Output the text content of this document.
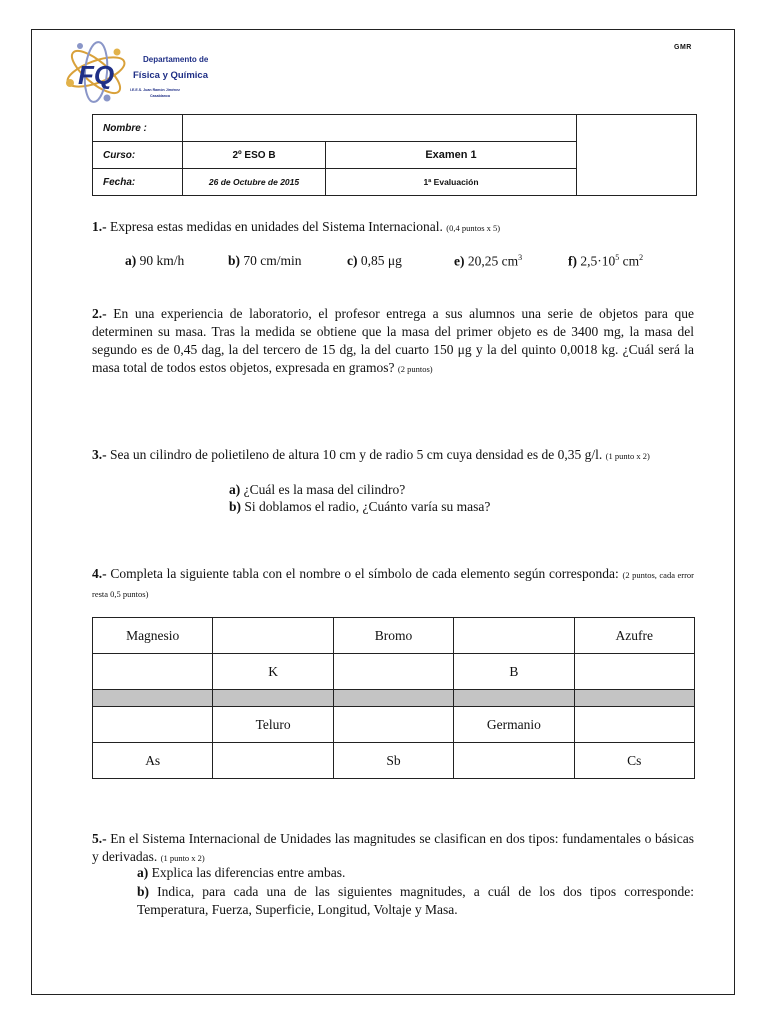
GMR
FQ
Departamento de
Física y Química
I.E.E.S. Juan Ramón Jiménez
Casablanca
Nombre :			
Curso:	2º ESO B	Examen 1	
Fecha:	26 de Octubre de 2015	1ª Evaluación	
1.- Expresa estas medidas en unidades del Sistema Internacional. (0,4 puntos x 5)
a) 90 km/h	b) 70 cm/min	c) 0,85 μg	e) 20,25 $cm^3$	f) $2,5\cdot 10^5$ $cm^2$
2.- En una experiencia de laboratorio, el profesor entrega a sus alumnos una serie de objetos para que determinen su masa. Tras la medida se obtiene que la masa del primer objeto es de 3400 mg, la masa del segundo es de 0,45 dag, la del tercero de 15 dg, la del cuarto 150 μg y la del quinto 0,0018 kg. ¿Cuál será la masa total de todos estos objetos, expresada en gramos? (2 puntos)
3.- Sea un cilindro de polietileno de altura 10 cm y de radio 5 cm cuya densidad es de 0,35 g/l. (1 punto x 2)
a) ¿Cuál es la masa del cilindro?
b) Si doblamos el radio, ¿Cuánto varía su masa?
4.- Completa la siguiente tabla con el nombre o el símbolo de cada elemento según corresponda: (2 puntos, cada error resta 0,5 puntos)
Magnesio		Bromo		Azufre
	K		B	

	Teluro		Germanio	
As		Sb		Cs
5.- En el Sistema Internacional de Unidades las magnitudes se clasifican en dos tipos: fundamentales o básicas y derivadas. (1 punto x 2)
a) Explica las diferencias entre ambas.
b) Indica, para cada una de las siguientes magnitudes, a cuál de los dos tipos corresponde: Temperatura, Fuerza, Superficie, Longitud, Voltaje y Masa.
